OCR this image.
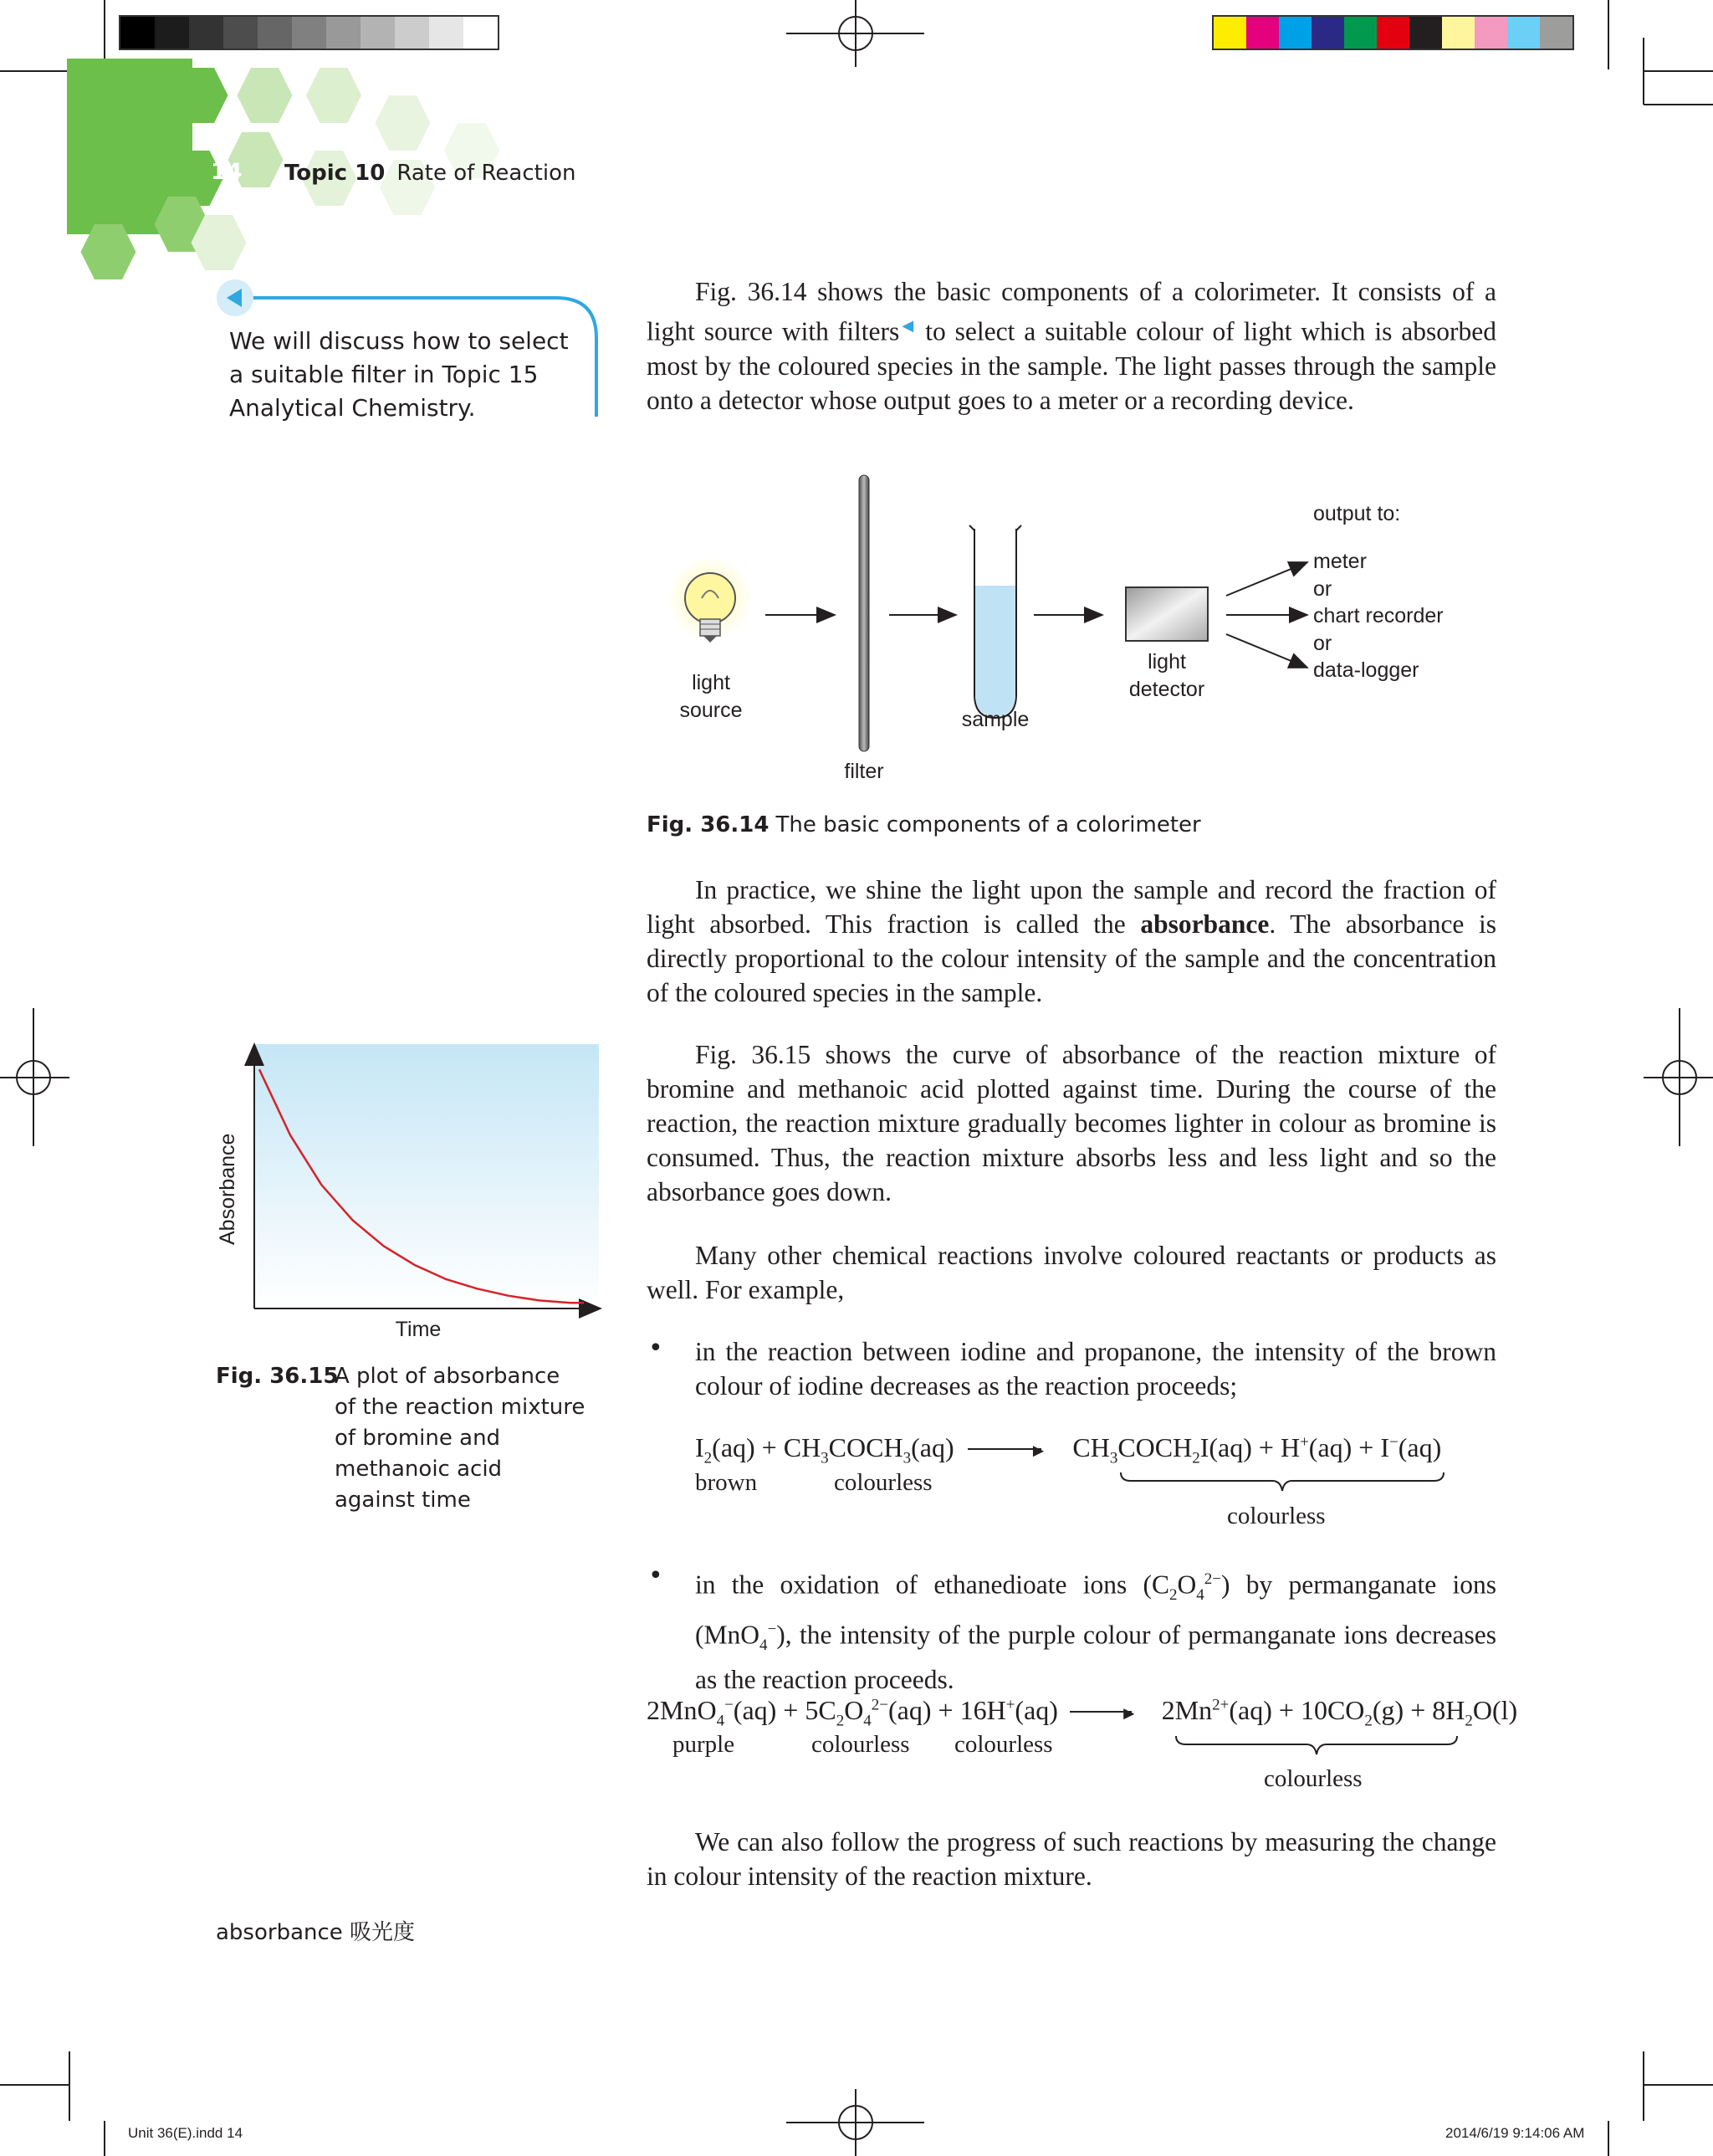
14 Topic 10 Rate of Reaction
We will discuss how to select a suitable filter in Topic 15 Analytical Chemistry.

Fig. 36.14 shows the basic components of a colorimeter. It consists of a light source with filters◀ to select a suitable colour of light which is absorbed most by the coloured species in the sample. The light passes through the sample onto a detector whose output goes to a meter or a recording device.

light
source
filter
sample
light
detector
output to:
meter
or
chart recorder
or
data-logger
Fig. 36.14 The basic components of a colorimeter

In practice, we shine the light upon the sample and record the fraction of light absorbed. This fraction is called the absorbance. The absorbance is directly proportional to the colour intensity of the sample and the concentration of the coloured species in the sample.

Fig. 36.15 shows the curve of absorbance of the reaction mixture of bromine and methanoic acid plotted against time. During the course of the reaction, the reaction mixture gradually becomes lighter in colour as bromine is consumed. Thus, the reaction mixture absorbs less and less light and so the absorbance goes down.

Many other chemical reactions involve coloured reactants or products as well. For example,

• in the reaction between iodine and propanone, the intensity of the brown colour of iodine decreases as the reaction proceeds;

$I_2(aq)$ + $CH_3COCH_3(aq)$	► $CH_3COCH_2I(aq) + H^+(aq) + I^-(aq)$
brown	colourless
colourless
• in the oxidation of ethanedioate ions $(C_2O_4^{2-})$ by permanganate ions (MnO$_4$−), the intensity of the purple colour of permanganate ions decreases as the reaction proceeds.

$2MnO_4^-(aq) + 5C_2O_4^{2-}(aq) + 16H^+(aq)$	► $2Mn^{2+}(aq) + 10CO_2(g) + 8H_2O(l)$
purple	colourless colourless
colourless

We can also follow the progress of such reactions by measuring the change in colour intensity of the reaction mixture.

Absorbance
Time
Fig. 36.15
A plot of absorbance of the reaction mixture of bromine and methanoic acid against time
absorbance 吸光度
Unit 36(E).indd 14	2014/6/19 9:14:06 AM
